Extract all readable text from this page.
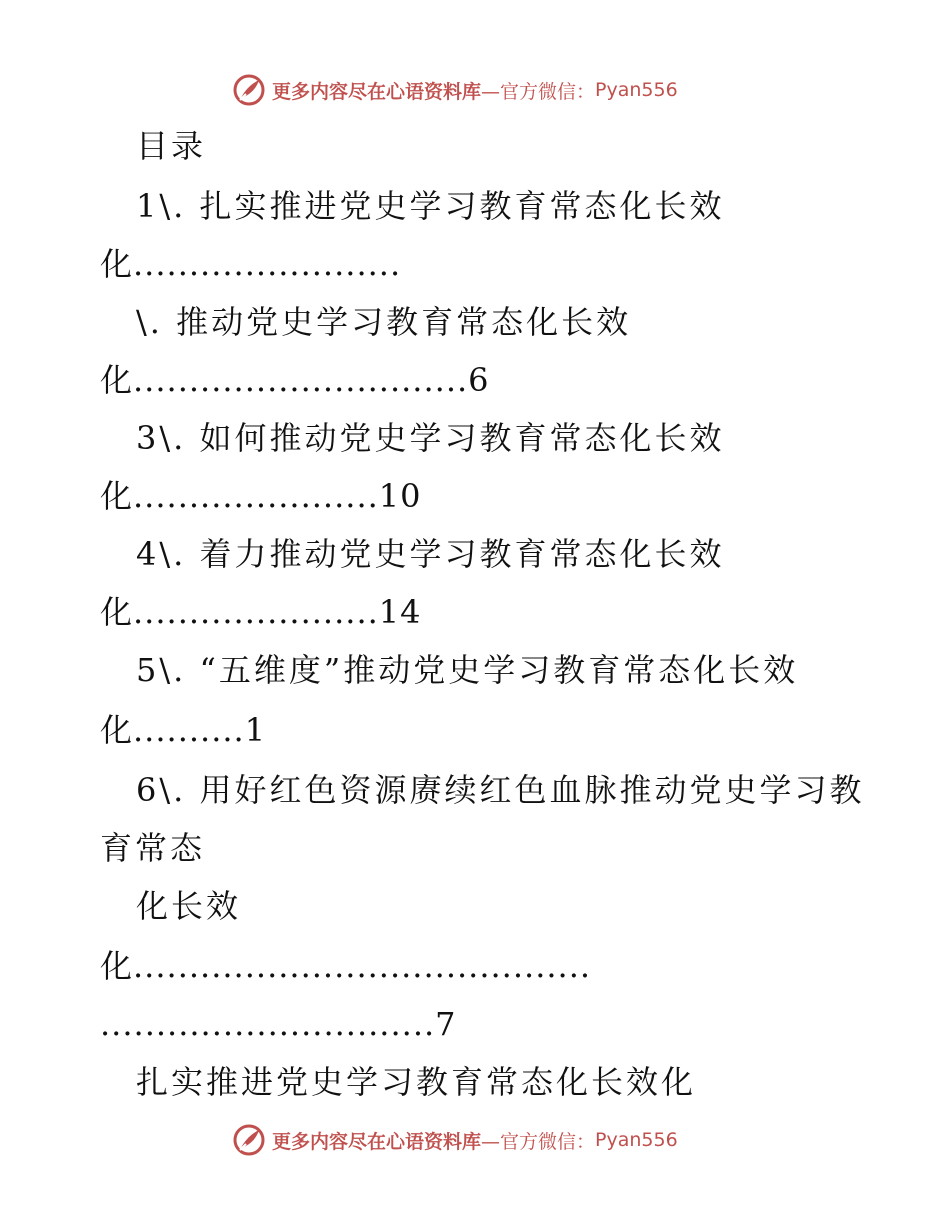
更多内容尽在心语资料库 —官方微信： Pyan556
目录
1\. 扎实推进党史学习教育常态化长效
化........................
\. 推动党史学习教育常态化长效
化..............................6
3\. 如何推动党史学习教育常态化长效
化......................10
4\. 着力推动党史学习教育常态化长效
化......................14
5\. “五维度”推动党史学习教育常态化长效
化..........1
6\. 用好红色资源赓续红色血脉推动党史学习教
育常态
化长效
化.........................................
..............................7
扎实推进党史学习教育常态化长效化
更多内容尽在心语资料库 —官方微信： Pyan556
